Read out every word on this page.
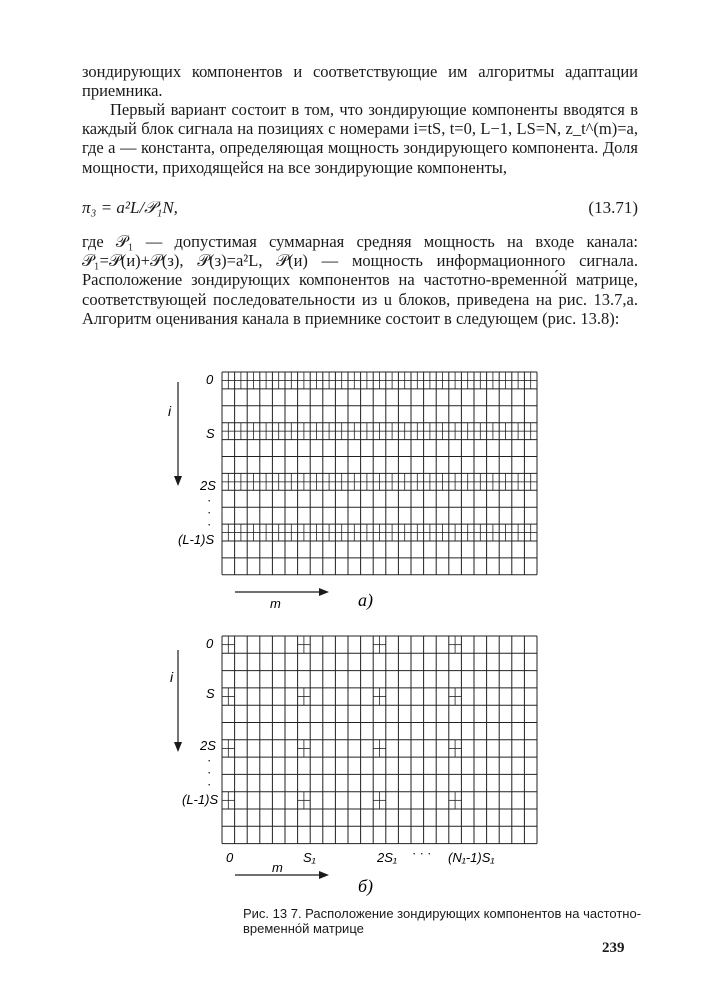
зондирующих компонентов и соответствующие им алгоритмы адаптации приемника.
Первый вариант состоит в том, что зондирующие компоненты вводятся в каждый блок сигнала на позициях с номерами i=tS, t=0, L−1, LS=N, z_t^(m)=a, где a — константа, определяющая мощность зондирующего компонента. Доля мощности, приходящейся на все зондирующие компоненты,
π₃ = a²L/𝒫₁N,	(13.71)
где 𝒫₁ — допустимая суммарная средняя мощность на входе канала: 𝒫₁=𝒫(и)+𝒫(з), 𝒫(з)=a²L, 𝒫(и) — мощность информационного сигнала. Расположение зондирующих компонентов на частотно-временно́й матрице, соответствующей последовательности из u блоков, приведена на рис. 13.7,a. Алгоритм оценивания канала в приемнике состоит в следующем (рис. 13.8):
i
0
S
2S
·
·
·
(L-1)S
m	а)
i
0
S
2S
·
·
·
(L-1)S
0	S₁	2S₁ · · · (N₁-1)S₁
m
б)
Рис. 13 7. Расположение зондирующих компонентов на частотно-временно́й матрице
239
